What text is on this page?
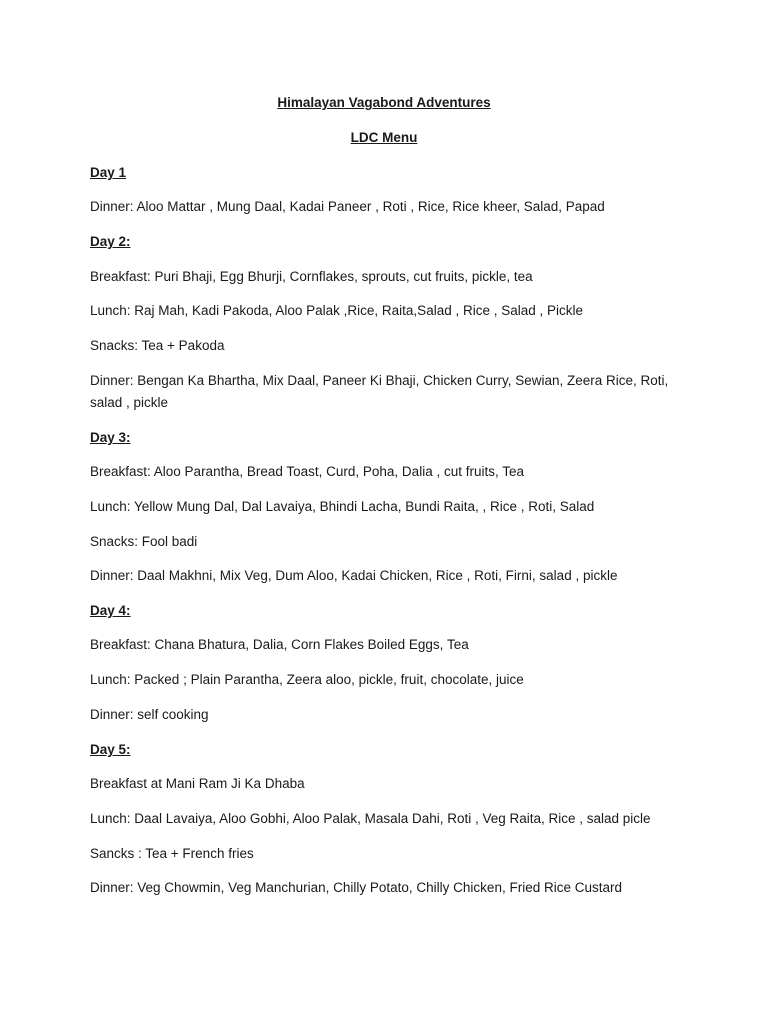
Himalayan Vagabond Adventures

LDC Menu

Day 1

Dinner: Aloo Mattar , Mung Daal, Kadai Paneer , Roti , Rice, Rice kheer, Salad, Papad

Day 2:

Breakfast: Puri Bhaji, Egg Bhurji, Cornflakes, sprouts, cut fruits, pickle, tea

Lunch: Raj Mah, Kadi Pakoda, Aloo Palak ,Rice, Raita,Salad , Rice , Salad , Pickle

Snacks: Tea + Pakoda

Dinner: Bengan Ka Bhartha, Mix Daal, Paneer Ki Bhaji, Chicken Curry, Sewian, Zeera Rice, Roti, salad , pickle

Day 3:

Breakfast: Aloo Parantha, Bread Toast, Curd, Poha, Dalia , cut fruits, Tea

Lunch: Yellow Mung Dal, Dal Lavaiya, Bhindi Lacha, Bundi Raita, , Rice , Roti, Salad

Snacks: Fool badi

Dinner: Daal Makhni, Mix Veg, Dum Aloo, Kadai Chicken, Rice , Roti, Firni, salad , pickle

Day 4:

Breakfast: Chana Bhatura, Dalia, Corn Flakes Boiled Eggs, Tea

Lunch: Packed ; Plain Parantha, Zeera aloo, pickle, fruit, chocolate, juice

Dinner: self cooking

Day 5:

Breakfast at Mani Ram Ji Ka Dhaba

Lunch: Daal Lavaiya, Aloo Gobhi, Aloo Palak, Masala Dahi, Roti , Veg Raita, Rice , salad picle

Sancks : Tea + French fries

Dinner: Veg Chowmin, Veg Manchurian, Chilly Potato, Chilly Chicken, Fried Rice Custard
